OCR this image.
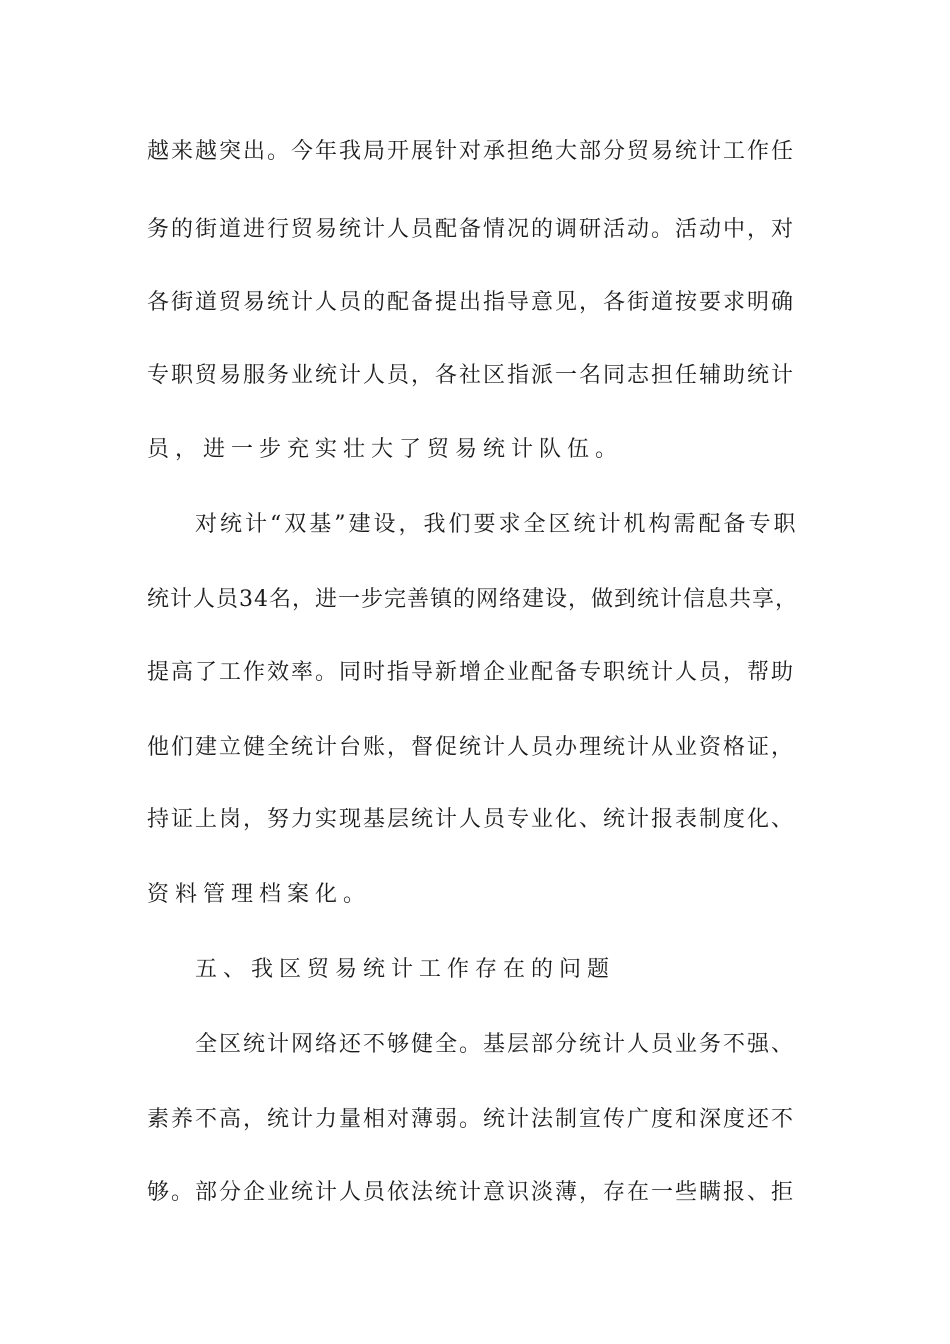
越来越突出。今年我局开展针对承担绝大部分贸易统计工作任
务的街道进行贸易统计人员配备情况的调研活动。活动中，对
各街道贸易统计人员的配备提出指导意见，各街道按要求明确
专职贸易服务业统计人员，各社区指派一名同志担任辅助统计
员，进一步充实壮大了贸易统计队伍。
对统计“双基”建设，我们要求全区统计机构需配备专职
统计人员34名，进一步完善镇的网络建设，做到统计信息共享，
提高了工作效率。同时指导新增企业配备专职统计人员，帮助
他们建立健全统计台账，督促统计人员办理统计从业资格证，
持证上岗，努力实现基层统计人员专业化、统计报表制度化、
资料管理档案化。
五、我区贸易统计工作存在的问题
全区统计网络还不够健全。基层部分统计人员业务不强、
素养不高，统计力量相对薄弱。统计法制宣传广度和深度还不
够。部分企业统计人员依法统计意识淡薄，存在一些瞒报、拒
